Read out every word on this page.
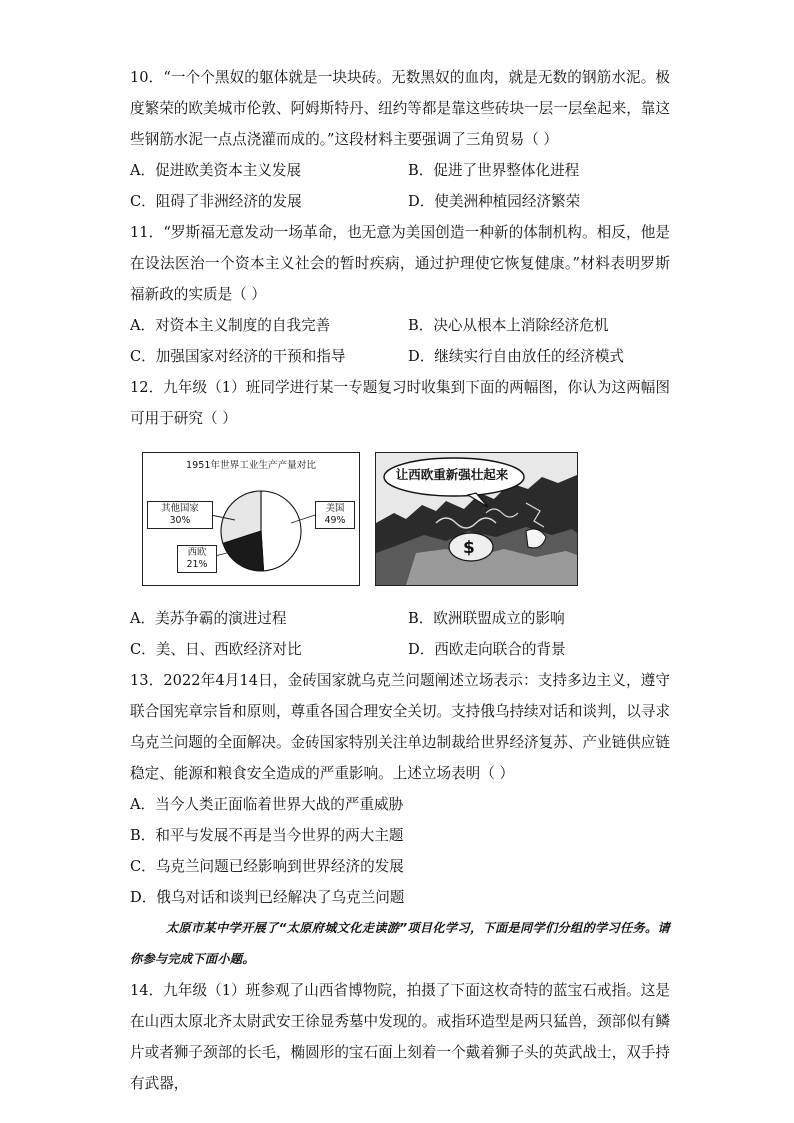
10．“一个个黑奴的躯体就是一块块砖。无数黑奴的血肉，就是无数的钢筋水泥。极度繁荣的欧美城市伦敦、阿姆斯特丹、纽约等都是靠这些砖块一层一层垒起来，靠这些钢筋水泥一点点浇灌而成的。”这段材料主要强调了三角贸易（ ）

A．促进欧美资本主义发展	B．促进了世界整体化进程
C．阻碍了非洲经济的发展	D．使美洲种植园经济繁荣

11．“罗斯福无意发动一场革命，也无意为美国创造一种新的体制机构。相反，他是在设法医治一个资本主义社会的暂时疾病，通过护理使它恢复健康。”材料表明罗斯福新政的实质是（ ）

A．对资本主义制度的自我完善	B．决心从根本上消除经济危机
C．加强国家对经济的干预和指导	D．继续实行自由放任的经济模式

12．九年级（1）班同学进行某一专题复习时收集到下面的两幅图，你认为这两幅图可用于研究（ ）

1951年世界工业生产产量对比
其他国家
30%
西欧
21%
美国
49%
$
让西欧重新强壮起来
A．美苏争霸的演进过程	B．欧洲联盟成立的影响
C．美、日、西欧经济对比	D．西欧走向联合的背景

13．2022年4月14日，金砖国家就乌克兰问题阐述立场表示：支持多边主义，遵守联合国宪章宗旨和原则，尊重各国合理安全关切。支持俄乌持续对话和谈判，以寻求乌克兰问题的全面解决。金砖国家特别关注单边制裁给世界经济复苏、产业链供应链稳定、能源和粮食安全造成的严重影响。上述立场表明（ ）

A．当今人类正面临着世界大战的严重威胁
B．和平与发展不再是当今世界的两大主题
C．乌克兰问题已经影响到世界经济的发展
D．俄乌对话和谈判已经解决了乌克兰问题
太原市某中学开展了“太原府城文化走读游”项目化学习，下面是同学们分组的学习任务。请你参与完成下面小题。

14．九年级（1）班参观了山西省博物院，拍摄了下面这枚奇特的蓝宝石戒指。这是在山西太原北齐太尉武安王徐显秀墓中发现的。戒指环造型是两只猛兽，颈部似有鳞片或者狮子颈部的长毛，椭圆形的宝石面上刻着一个戴着狮子头的英武战士，双手持有武器，
